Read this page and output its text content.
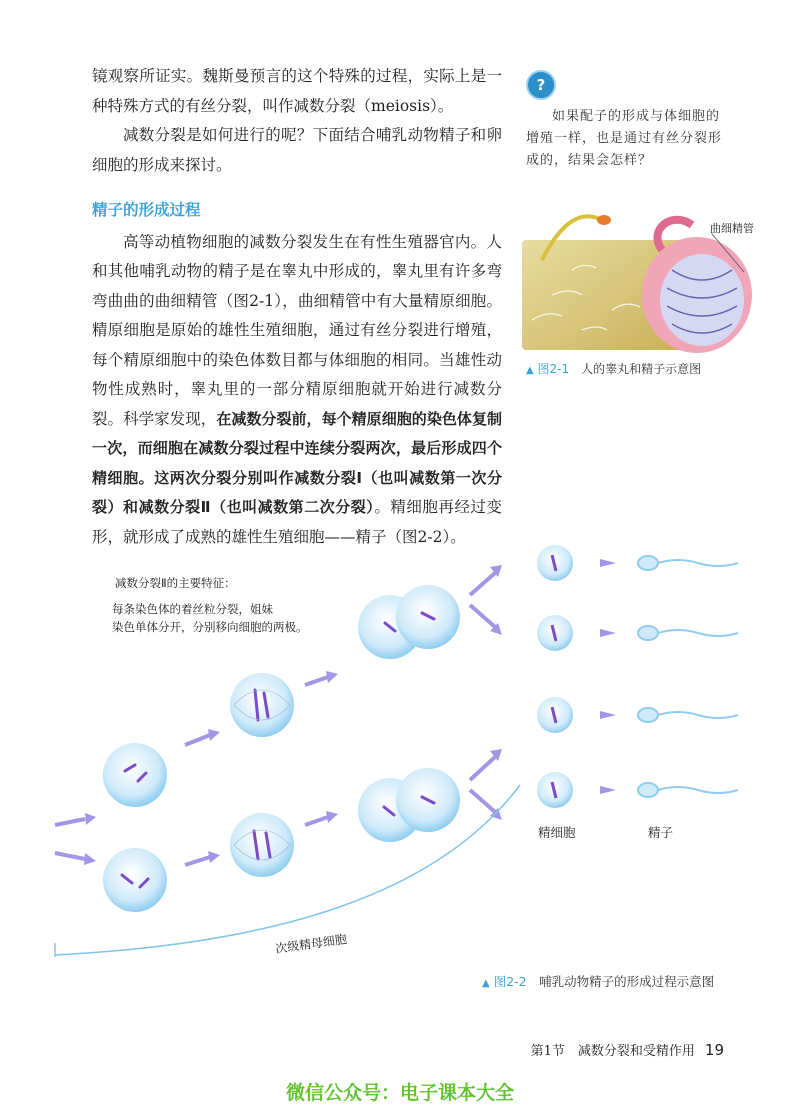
镜观察所证实。魏斯曼预言的这个特殊的过程，实际上是一种特殊方式的有丝分裂，叫作减数分裂（meiosis）。

减数分裂是如何进行的呢？下面结合哺乳动物精子和卵细胞的形成来探讨。

精子的形成过程

高等动植物细胞的减数分裂发生在有性生殖器官内。人和其他哺乳动物的精子是在睾丸中形成的，睾丸里有许多弯弯曲曲的曲细精管（图2-1），曲细精管中有大量精原细胞。精原细胞是原始的雄性生殖细胞，通过有丝分裂进行增殖，每个精原细胞中的染色体数目都与体细胞的相同。当雄性动物性成熟时，睾丸里的一部分精原细胞就开始进行减数分裂。科学家发现，在减数分裂前，每个精原细胞的染色体复制一次，而细胞在减数分裂过程中连续分裂两次，最后形成四个精细胞。这两次分裂分别叫作减数分裂Ⅰ（也叫减数第一次分裂）和减数分裂Ⅱ（也叫减数第二次分裂）。精细胞再经过变形，就形成了成熟的雄性生殖细胞——精子（图2-2）。

?

如果配子的形成与体细胞的增殖一样，也是通过有丝分裂形成的，结果会怎样？

曲细精管
▲ 图2-1　 人的睾丸和精子示意图
减数分裂Ⅱ的主要特征：
每条染色体的着丝粒分裂，姐妹
染色单体分开，分别移向细胞的两极。
精细胞	精子
次级精母细胞
▲ 图2-2　 哺乳动物精子的形成过程示意图
第1节　减数分裂和受精作用 19
微信公众号：电子课本大全
